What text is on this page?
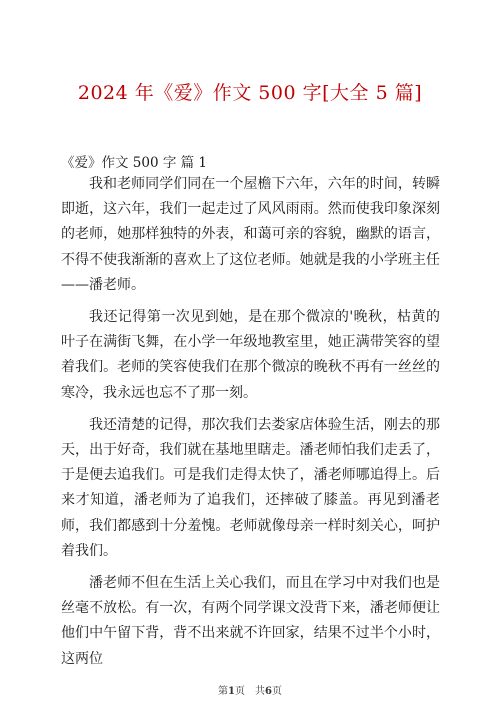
2024 年《爱》作文 500 字[大全 5 篇]
《爱》作文 500 字 篇 1

我和老师同学们同在一个屋檐下六年，六年的时间，转瞬即逝，这六年，我们一起走过了风风雨雨。然而使我印象深刻的老师，她那样独特的外表，和蔼可亲的容貌，幽默的语言，不得不使我渐渐的喜欢上了这位老师。她就是我的小学班主任——潘老师。

我还记得第一次见到她，是在那个微凉的'晚秋，枯黄的叶子在满街飞舞，在小学一年级地教室里，她正满带笑容的望着我们。老师的笑容使我们在那个微凉的晚秋不再有一丝丝的寒冷，我永远也忘不了那一刻。

我还清楚的记得，那次我们去娄家店体验生活，刚去的那天，出于好奇，我们就在基地里瞎走。潘老师怕我们走丢了，于是便去追我们。可是我们走得太快了，潘老师哪追得上。后来才知道，潘老师为了追我们，还摔破了膝盖。再见到潘老师，我们都感到十分羞愧。老师就像母亲一样时刻关心，呵护着我们。

潘老师不但在生活上关心我们，而且在学习中对我们也是丝毫不放松。有一次，有两个同学课文没背下来，潘老师便让他们中午留下背，背不出来就不许回家，结果不过半个小时，这两位

第1页　共6页
